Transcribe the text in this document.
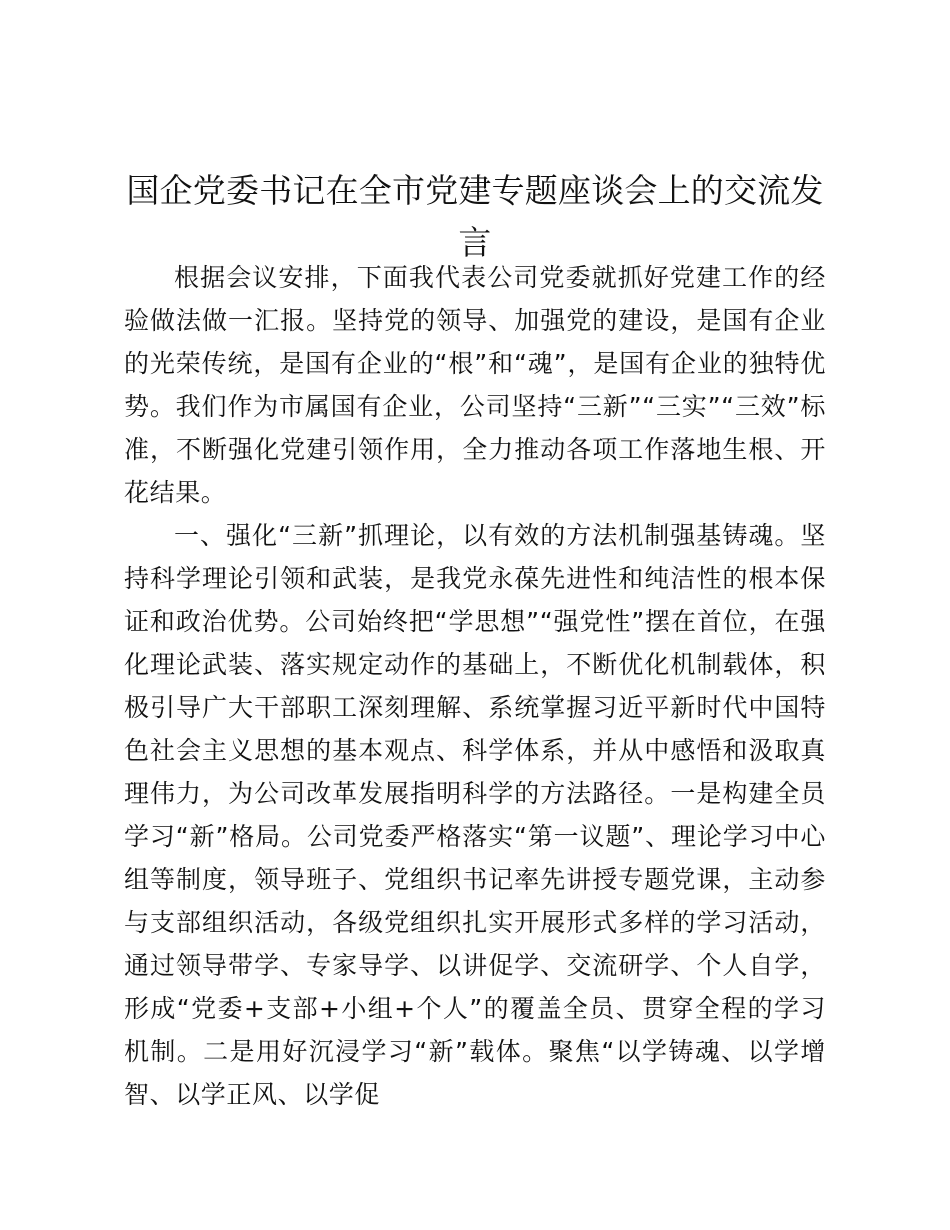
国企党委书记在全市党建专题座谈会上的交流发言

根据会议安排，下面我代表公司党委就抓好党建工作的经验做法做一汇报。坚持党的领导、加强党的建设，是国有企业的光荣传统，是国有企业的“根”和“魂”，是国有企业的独特优势。我们作为市属国有企业，公司坚持“三新”“三实”“三效”标准，不断强化党建引领作用，全力推动各项工作落地生根、开花结果。

一、强化“三新”抓理论，以有效的方法机制强基铸魂。坚持科学理论引领和武装，是我党永葆先进性和纯洁性的根本保证和政治优势。公司始终把“学思想”“强党性”摆在首位，在强化理论武装、落实规定动作的基础上，不断优化机制载体，积极引导广大干部职工深刻理解、系统掌握习近平新时代中国特色社会主义思想的基本观点、科学体系，并从中感悟和汲取真理伟力，为公司改革发展指明科学的方法路径。一是构建全员学习“新”格局。公司党委严格落实“第一议题”、理论学习中心组等制度，领导班子、党组织书记率先讲授专题党课，主动参与支部组织活动，各级党组织扎实开展形式多样的学习活动，通过领导带学、专家导学、以讲促学、交流研学、个人自学，形成“党委+支部+小组+个人”的覆盖全员、贯穿全程的学习机制。二是用好沉浸学习“新”载体。聚焦“以学铸魂、以学增智、以学正风、以学促
